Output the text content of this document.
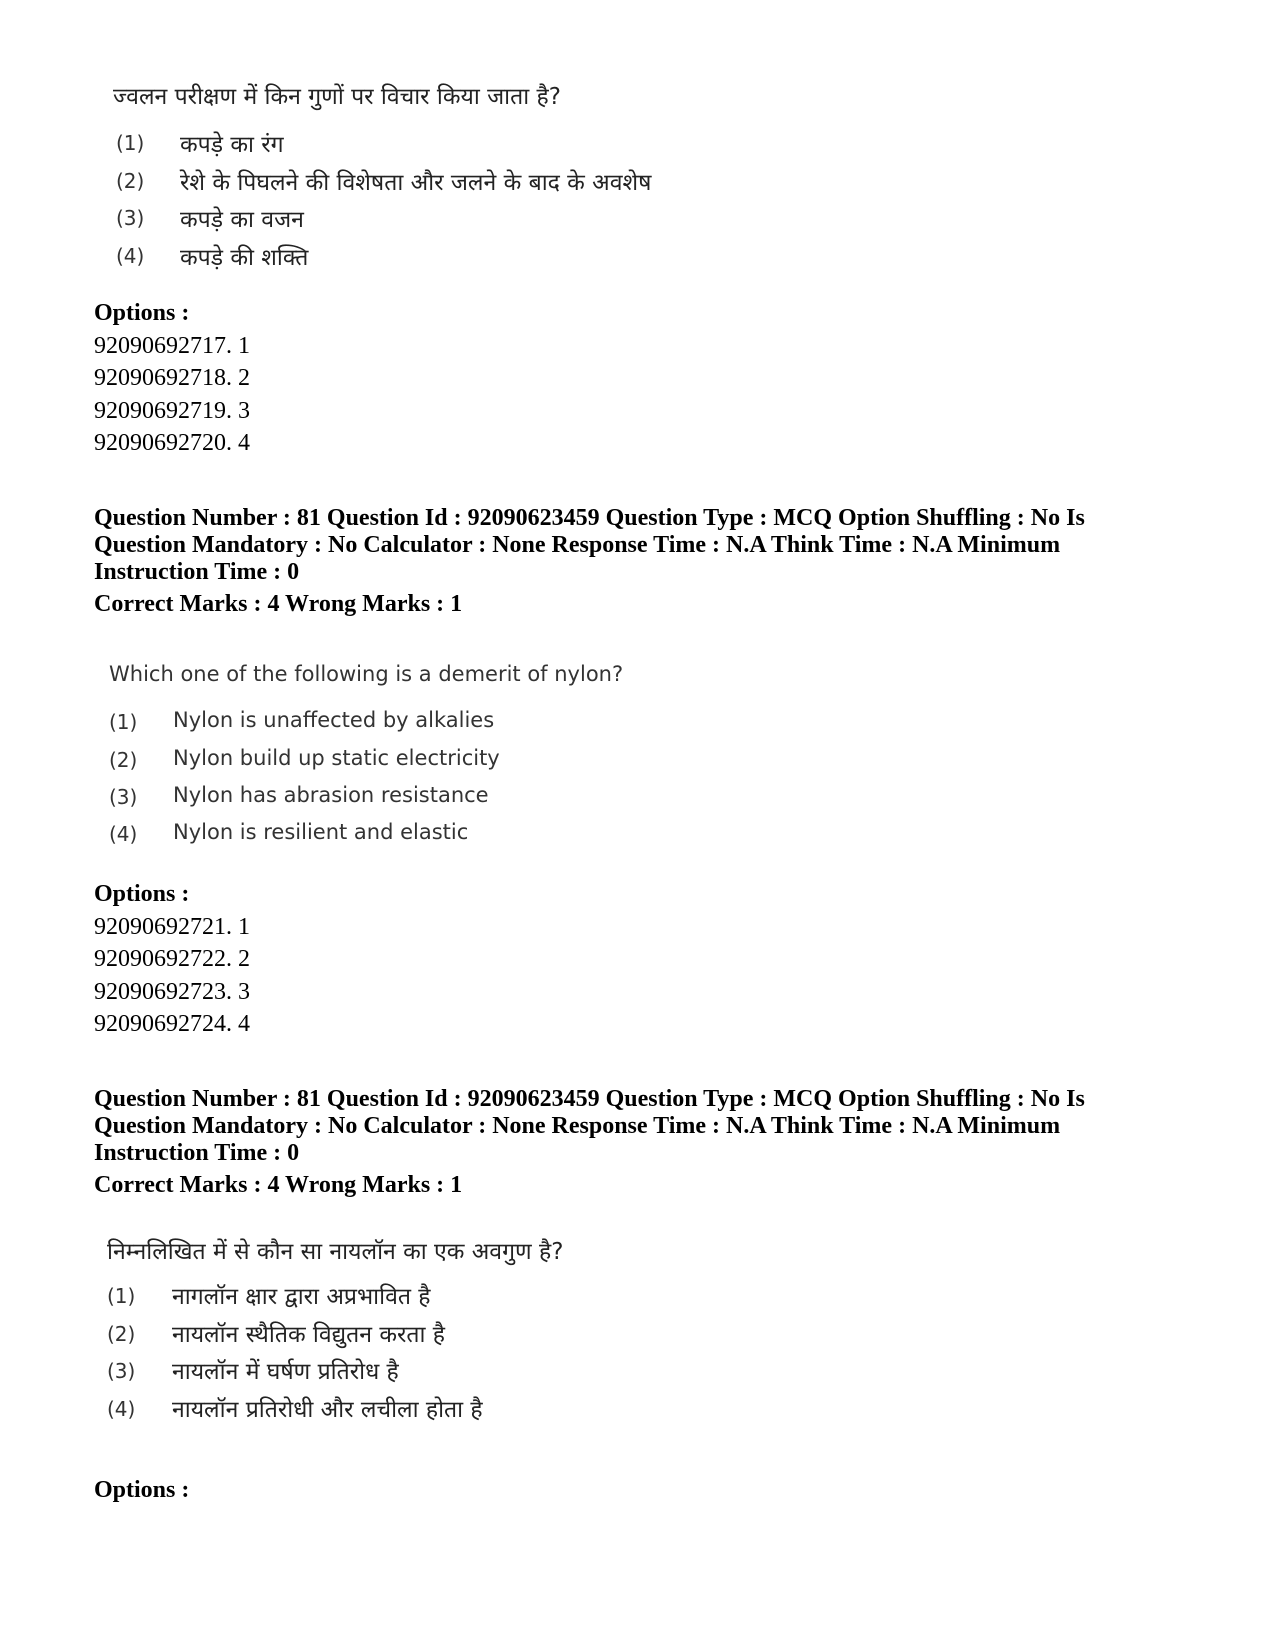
ज्वलन परीक्षण में किन गुणों पर विचार किया जाता है?
(1) कपड़े का रंग
(2) रेशे के पिघलने की विशेषता और जलने के बाद के अवशेष
(3) कपड़े का वजन
(4) कपड़े की शक्ति
Options :
92090692717. 1
92090692718. 2
92090692719. 3
92090692720. 4
Question Number : 81 Question Id : 92090623459 Question Type : MCQ Option Shuffling : No Is
Question Mandatory : No Calculator : None Response Time : N.A Think Time : N.A Minimum
Instruction Time : 0
Correct Marks : 4 Wrong Marks : 1
Which one of the following is a demerit of nylon?
(1) Nylon is unaffected by alkalies
(2) Nylon build up static electricity
(3) Nylon has abrasion resistance
(4) Nylon is resilient and elastic
Options :
92090692721. 1
92090692722. 2
92090692723. 3
92090692724. 4
Question Number : 81 Question Id : 92090623459 Question Type : MCQ Option Shuffling : No Is
Question Mandatory : No Calculator : None Response Time : N.A Think Time : N.A Minimum
Instruction Time : 0
Correct Marks : 4 Wrong Marks : 1
निम्नलिखित में से कौन सा नायलॉन का एक अवगुण है?
(1) नागलॉन क्षार द्वारा अप्रभावित है
(2) नायलॉन स्थैतिक विद्युतन करता है
(3) नायलॉन में घर्षण प्रतिरोध है
(4) नायलॉन प्रतिरोधी और लचीला होता है
Options :
